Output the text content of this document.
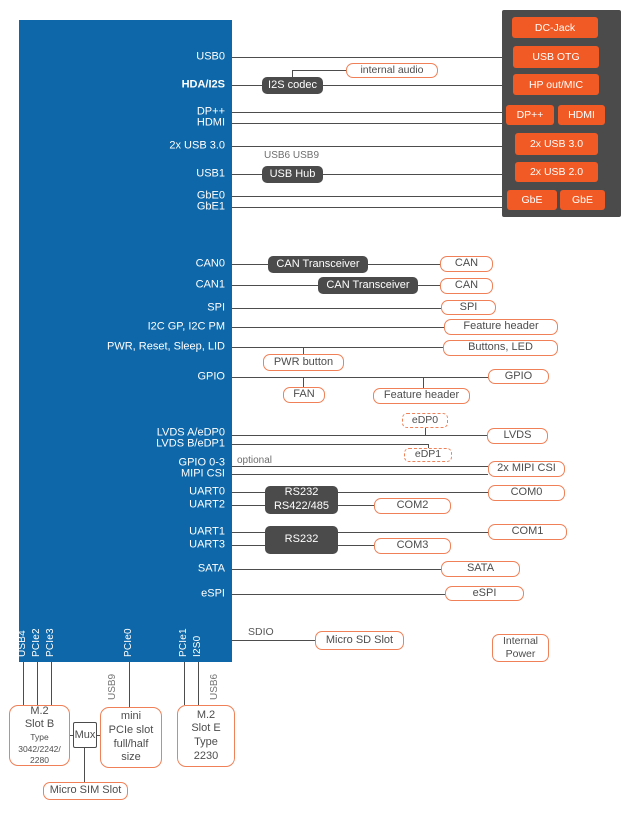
USB0
HDA/I2S
DP++
HDMI
2x USB 3.0
USB1
GbE0
GbE1
CAN0
CAN1
SPI
I2C GP, I2C PM
PWR, Reset, Sleep, LID
GPIO
LVDS A/eDP0
LVDS B/eDP1
GPIO 0-3
MIPI CSI
UART0
UART2
UART1
UART3
SATA
eSPI
USB4 PCIe2 PCIe3	PCIe0	PCIe1 I2S0
I2S codec
USB Hub
CAN Transceiver
CAN Transceiver
RS232
RS422/485
RS232
Mux
internal audio
CAN
CAN
SPI
Feature header
Buttons, LED
PWR button
GPIO
FAN	Feature header
eDP0
eDP1
LVDS
2x MIPI CSI
COM0
COM2
COM1
COM3
SATA
eSPI
Micro SD Slot	Internal Power
M.2
Slot B
Type
3042/2242/
2280
mini
PCIe slot
full/half
size
M.2
Slot E
Type
2230
Micro SIM Slot
DC-Jack
USB OTG
HP out/MIC
DP++ HDMI
2x USB 3.0
2x USB 2.0
GbE	GbE
USB6 USB9
optional
SDIO
USB9	USB6
